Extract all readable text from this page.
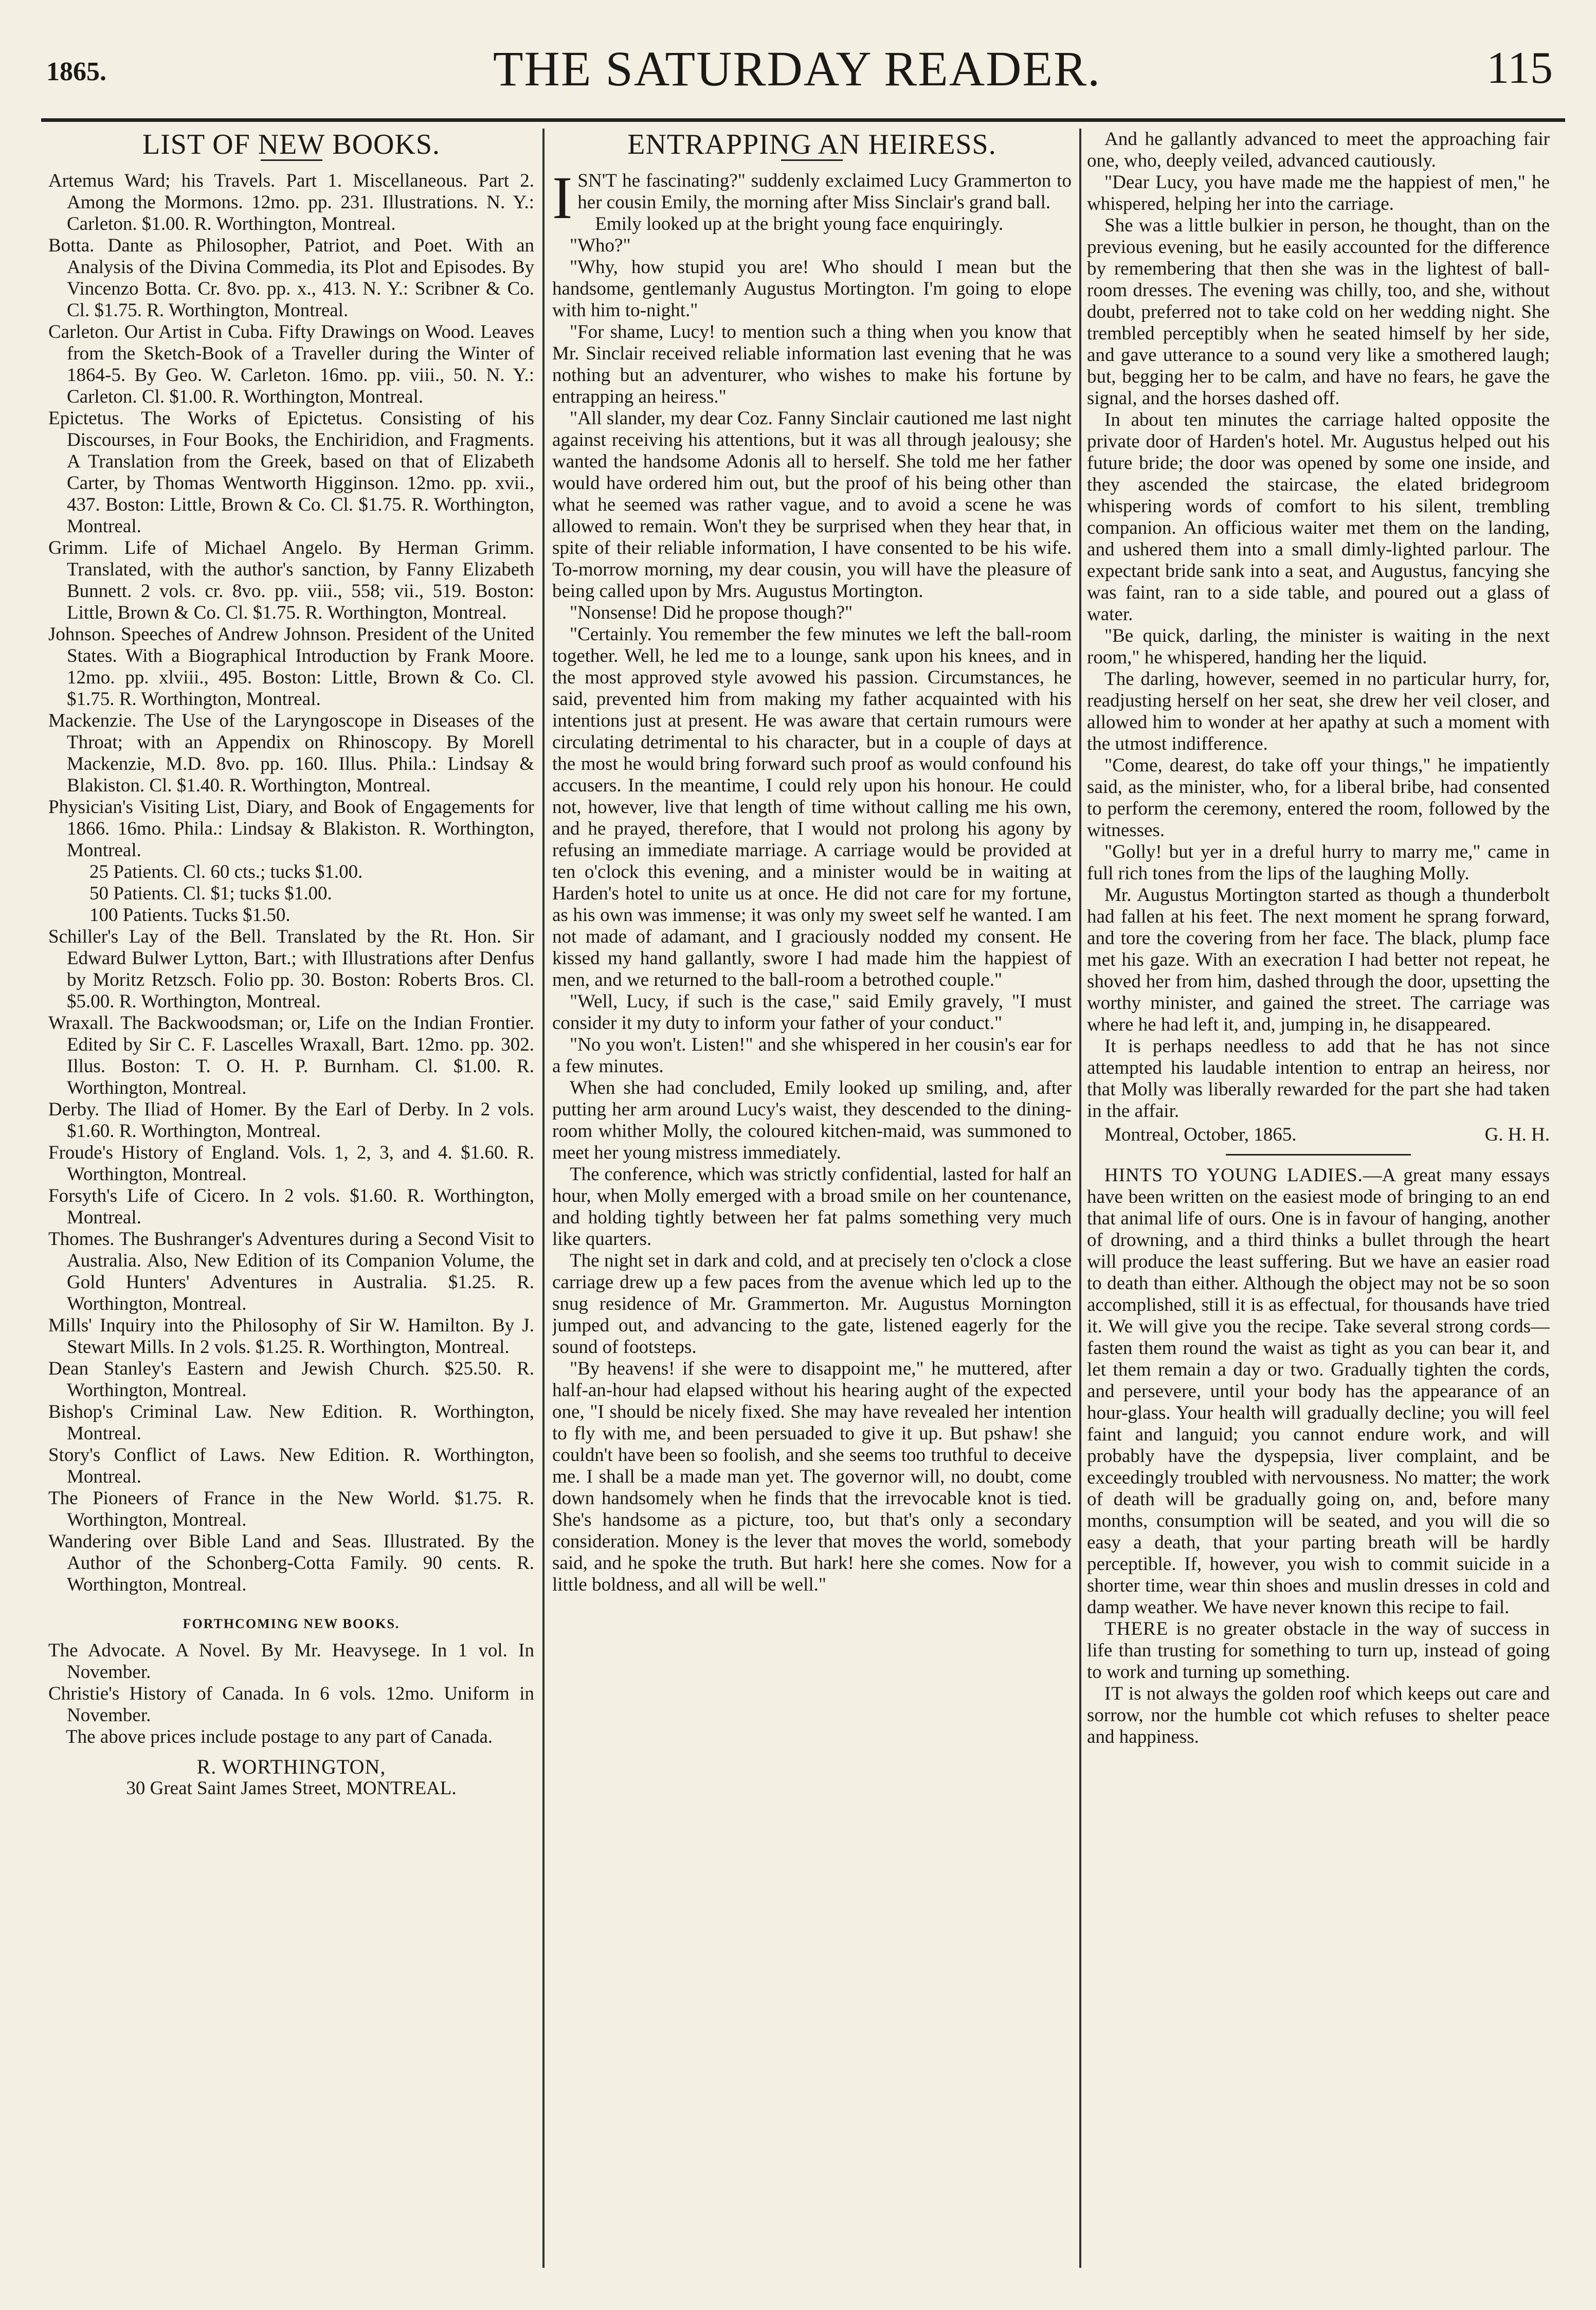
1865.	THE SATURDAY READER.	115
LIST OF NEW BOOKS.

Artemus Ward; his Travels. Part 1. Miscellaneous. Part 2. Among the Mormons. 12mo. pp. 231. Illustrations. N. Y.: Carleton. $1.00. R. Worthington, Montreal.

Botta. Dante as Philosopher, Patriot, and Poet. With an Analysis of the Divina Commedia, its Plot and Episodes. By Vincenzo Botta. Cr. 8vo. pp. x., 413. N. Y.: Scribner & Co. Cl. $1.75. R. Worthington, Montreal.

Carleton. Our Artist in Cuba. Fifty Drawings on Wood. Leaves from the Sketch-Book of a Traveller during the Winter of 1864-5. By Geo. W. Carleton. 16mo. pp. viii., 50. N. Y.: Carleton. Cl. $1.00. R. Worthington, Montreal.

Epictetus. The Works of Epictetus. Consisting of his Discourses, in Four Books, the Enchiridion, and Fragments. A Translation from the Greek, based on that of Elizabeth Carter, by Thomas Wentworth Higginson. 12mo. pp. xvii., 437. Boston: Little, Brown & Co. Cl. $1.75. R. Worthington, Montreal.

Grimm. Life of Michael Angelo. By Herman Grimm. Translated, with the author's sanction, by Fanny Elizabeth Bunnett. 2 vols. cr. 8vo. pp. viii., 558; vii., 519. Boston: Little, Brown & Co. Cl. $1.75. R. Worthington, Montreal.

Johnson. Speeches of Andrew Johnson. President of the United States. With a Biographical Introduction by Frank Moore. 12mo. pp. xlviii., 495. Boston: Little, Brown & Co. Cl. $1.75. R. Worthington, Montreal.

Mackenzie. The Use of the Laryngoscope in Diseases of the Throat; with an Appendix on Rhinoscopy. By Morell Mackenzie, M.D. 8vo. pp. 160. Illus. Phila.: Lindsay & Blakiston. Cl. $1.40. R. Worthington, Montreal.

Physician's Visiting List, Diary, and Book of Engagements for 1866. 16mo. Phila.: Lindsay & Blakiston. R. Worthington, Montreal.

25 Patients. Cl. 60 cts.; tucks $1.00.

50 Patients. Cl. $1; tucks $1.00.

100 Patients. Tucks $1.50.

Schiller's Lay of the Bell. Translated by the Rt. Hon. Sir Edward Bulwer Lytton, Bart.; with Illustrations after Denfus by Moritz Retzsch. Folio pp. 30. Boston: Roberts Bros. Cl. $5.00. R. Worthington, Montreal.

Wraxall. The Backwoodsman; or, Life on the Indian Frontier. Edited by Sir C. F. Lascelles Wraxall, Bart. 12mo. pp. 302. Illus. Boston: T. O. H. P. Burnham. Cl. $1.00. R. Worthington, Montreal.

Derby. The Iliad of Homer. By the Earl of Derby. In 2 vols. $1.60. R. Worthington, Montreal.

Froude's History of England. Vols. 1, 2, 3, and 4. $1.60. R. Worthington, Montreal.

Forsyth's Life of Cicero. In 2 vols. $1.60. R. Worthington, Montreal.

Thomes. The Bushranger's Adventures during a Second Visit to Australia. Also, New Edition of its Companion Volume, the Gold Hunters' Adventures in Australia. $1.25. R. Worthington, Montreal.

Mills' Inquiry into the Philosophy of Sir W. Hamilton. By J. Stewart Mills. In 2 vols. $1.25. R. Worthington, Montreal.

Dean Stanley's Eastern and Jewish Church. $25.50. R. Worthington, Montreal.

Bishop's Criminal Law. New Edition. R. Worthington, Montreal.

Story's Conflict of Laws. New Edition. R. Worthington, Montreal.

The Pioneers of France in the New World. $1.75. R. Worthington, Montreal.

Wandering over Bible Land and Seas. Illustrated. By the Author of the Schonberg-Cotta Family. 90 cents. R. Worthington, Montreal.

FORTHCOMING NEW BOOKS.

The Advocate. A Novel. By Mr. Heavysege. In 1 vol. In November.

Christie's History of Canada. In 6 vols. 12mo. Uniform in November.

The above prices include postage to any part of Canada.

R. WORTHINGTON,
30 Great Saint James Street, MONTREAL.
ENTRAPPING AN HEIRESS.

ISN'T he fascinating?" suddenly exclaimed Lucy Grammerton to her cousin Emily, the morning after Miss Sinclair's grand ball.

Emily looked up at the bright young face enquiringly.

"Who?"

"Why, how stupid you are! Who should I mean but the handsome, gentlemanly Augustus Mortington. I'm going to elope with him to-night."

"For shame, Lucy! to mention such a thing when you know that Mr. Sinclair received reliable information last evening that he was nothing but an adventurer, who wishes to make his fortune by entrapping an heiress."

"All slander, my dear Coz. Fanny Sinclair cautioned me last night against receiving his attentions, but it was all through jealousy; she wanted the handsome Adonis all to herself. She told me her father would have ordered him out, but the proof of his being other than what he seemed was rather vague, and to avoid a scene he was allowed to remain. Won't they be surprised when they hear that, in spite of their reliable information, I have consented to be his wife. To-morrow morning, my dear cousin, you will have the pleasure of being called upon by Mrs. Augustus Mortington.

"Nonsense! Did he propose though?"

"Certainly. You remember the few minutes we left the ball-room together. Well, he led me to a lounge, sank upon his knees, and in the most approved style avowed his passion. Circumstances, he said, prevented him from making my father acquainted with his intentions just at present. He was aware that certain rumours were circulating detrimental to his character, but in a couple of days at the most he would bring forward such proof as would confound his accusers. In the meantime, I could rely upon his honour. He could not, however, live that length of time without calling me his own, and he prayed, therefore, that I would not prolong his agony by refusing an immediate marriage. A carriage would be provided at ten o'clock this evening, and a minister would be in waiting at Harden's hotel to unite us at once. He did not care for my fortune, as his own was immense; it was only my sweet self he wanted. I am not made of adamant, and I graciously nodded my consent. He kissed my hand gallantly, swore I had made him the happiest of men, and we returned to the ball-room a betrothed couple."

"Well, Lucy, if such is the case," said Emily gravely, "I must consider it my duty to inform your father of your conduct."

"No you won't. Listen!" and she whispered in her cousin's ear for a few minutes.

When she had concluded, Emily looked up smiling, and, after putting her arm around Lucy's waist, they descended to the dining-room whither Molly, the coloured kitchen-maid, was summoned to meet her young mistress immediately.

The conference, which was strictly confidential, lasted for half an hour, when Molly emerged with a broad smile on her countenance, and holding tightly between her fat palms something very much like quarters.

The night set in dark and cold, and at precisely ten o'clock a close carriage drew up a few paces from the avenue which led up to the snug residence of Mr. Grammerton. Mr. Augustus Mornington jumped out, and advancing to the gate, listened eagerly for the sound of footsteps.

"By heavens! if she were to disappoint me," he muttered, after half-an-hour had elapsed without his hearing aught of the expected one, "I should be nicely fixed. She may have revealed her intention to fly with me, and been persuaded to give it up. But pshaw! she couldn't have been so foolish, and she seems too truthful to deceive me. I shall be a made man yet. The governor will, no doubt, come down handsomely when he finds that the irrevocable knot is tied. She's handsome as a picture, too, but that's only a secondary consideration. Money is the lever that moves the world, somebody said, and he spoke the truth. But hark! here she comes. Now for a little boldness, and all will be well."

And he gallantly advanced to meet the approaching fair one, who, deeply veiled, advanced cautiously.

"Dear Lucy, you have made me the happiest of men," he whispered, helping her into the carriage.

She was a little bulkier in person, he thought, than on the previous evening, but he easily accounted for the difference by remembering that then she was in the lightest of ball-room dresses. The evening was chilly, too, and she, without doubt, preferred not to take cold on her wedding night. She trembled perceptibly when he seated himself by her side, and gave utterance to a sound very like a smothered laugh; but, begging her to be calm, and have no fears, he gave the signal, and the horses dashed off.

In about ten minutes the carriage halted opposite the private door of Harden's hotel. Mr. Augustus helped out his future bride; the door was opened by some one inside, and they ascended the staircase, the elated bridegroom whispering words of comfort to his silent, trembling companion. An officious waiter met them on the landing, and ushered them into a small dimly-lighted parlour. The expectant bride sank into a seat, and Augustus, fancying she was faint, ran to a side table, and poured out a glass of water.

"Be quick, darling, the minister is waiting in the next room," he whispered, handing her the liquid.

The darling, however, seemed in no particular hurry, for, readjusting herself on her seat, she drew her veil closer, and allowed him to wonder at her apathy at such a moment with the utmost indifference.

"Come, dearest, do take off your things," he impatiently said, as the minister, who, for a liberal bribe, had consented to perform the ceremony, entered the room, followed by the witnesses.

"Golly! but yer in a dreful hurry to marry me," came in full rich tones from the lips of the laughing Molly.

Mr. Augustus Mortington started as though a thunderbolt had fallen at his feet. The next moment he sprang forward, and tore the covering from her face. The black, plump face met his gaze. With an execration I had better not repeat, he shoved her from him, dashed through the door, upsetting the worthy minister, and gained the street. The carriage was where he had left it, and, jumping in, he disappeared.

It is perhaps needless to add that he has not since attempted his laudable intention to entrap an heiress, nor that Molly was liberally rewarded for the part she had taken in the affair.

Montreal, October, 1865.	G. H. H.

HINTS TO YOUNG LADIES.—A great many essays have been written on the easiest mode of bringing to an end that animal life of ours. One is in favour of hanging, another of drowning, and a third thinks a bullet through the heart will produce the least suffering. But we have an easier road to death than either. Although the object may not be so soon accomplished, still it is as effectual, for thousands have tried it. We will give you the recipe. Take several strong cords—fasten them round the waist as tight as you can bear it, and let them remain a day or two. Gradually tighten the cords, and persevere, until your body has the appearance of an hour-glass. Your health will gradually decline; you will feel faint and languid; you cannot endure work, and will probably have the dyspepsia, liver complaint, and be exceedingly troubled with nervousness. No matter; the work of death will be gradually going on, and, before many months, consumption will be seated, and you will die so easy a death, that your parting breath will be hardly perceptible. If, however, you wish to commit suicide in a shorter time, wear thin shoes and muslin dresses in cold and damp weather. We have never known this recipe to fail.

THERE is no greater obstacle in the way of success in life than trusting for something to turn up, instead of going to work and turning up something.

IT is not always the golden roof which keeps out care and sorrow, nor the humble cot which refuses to shelter peace and happiness.
